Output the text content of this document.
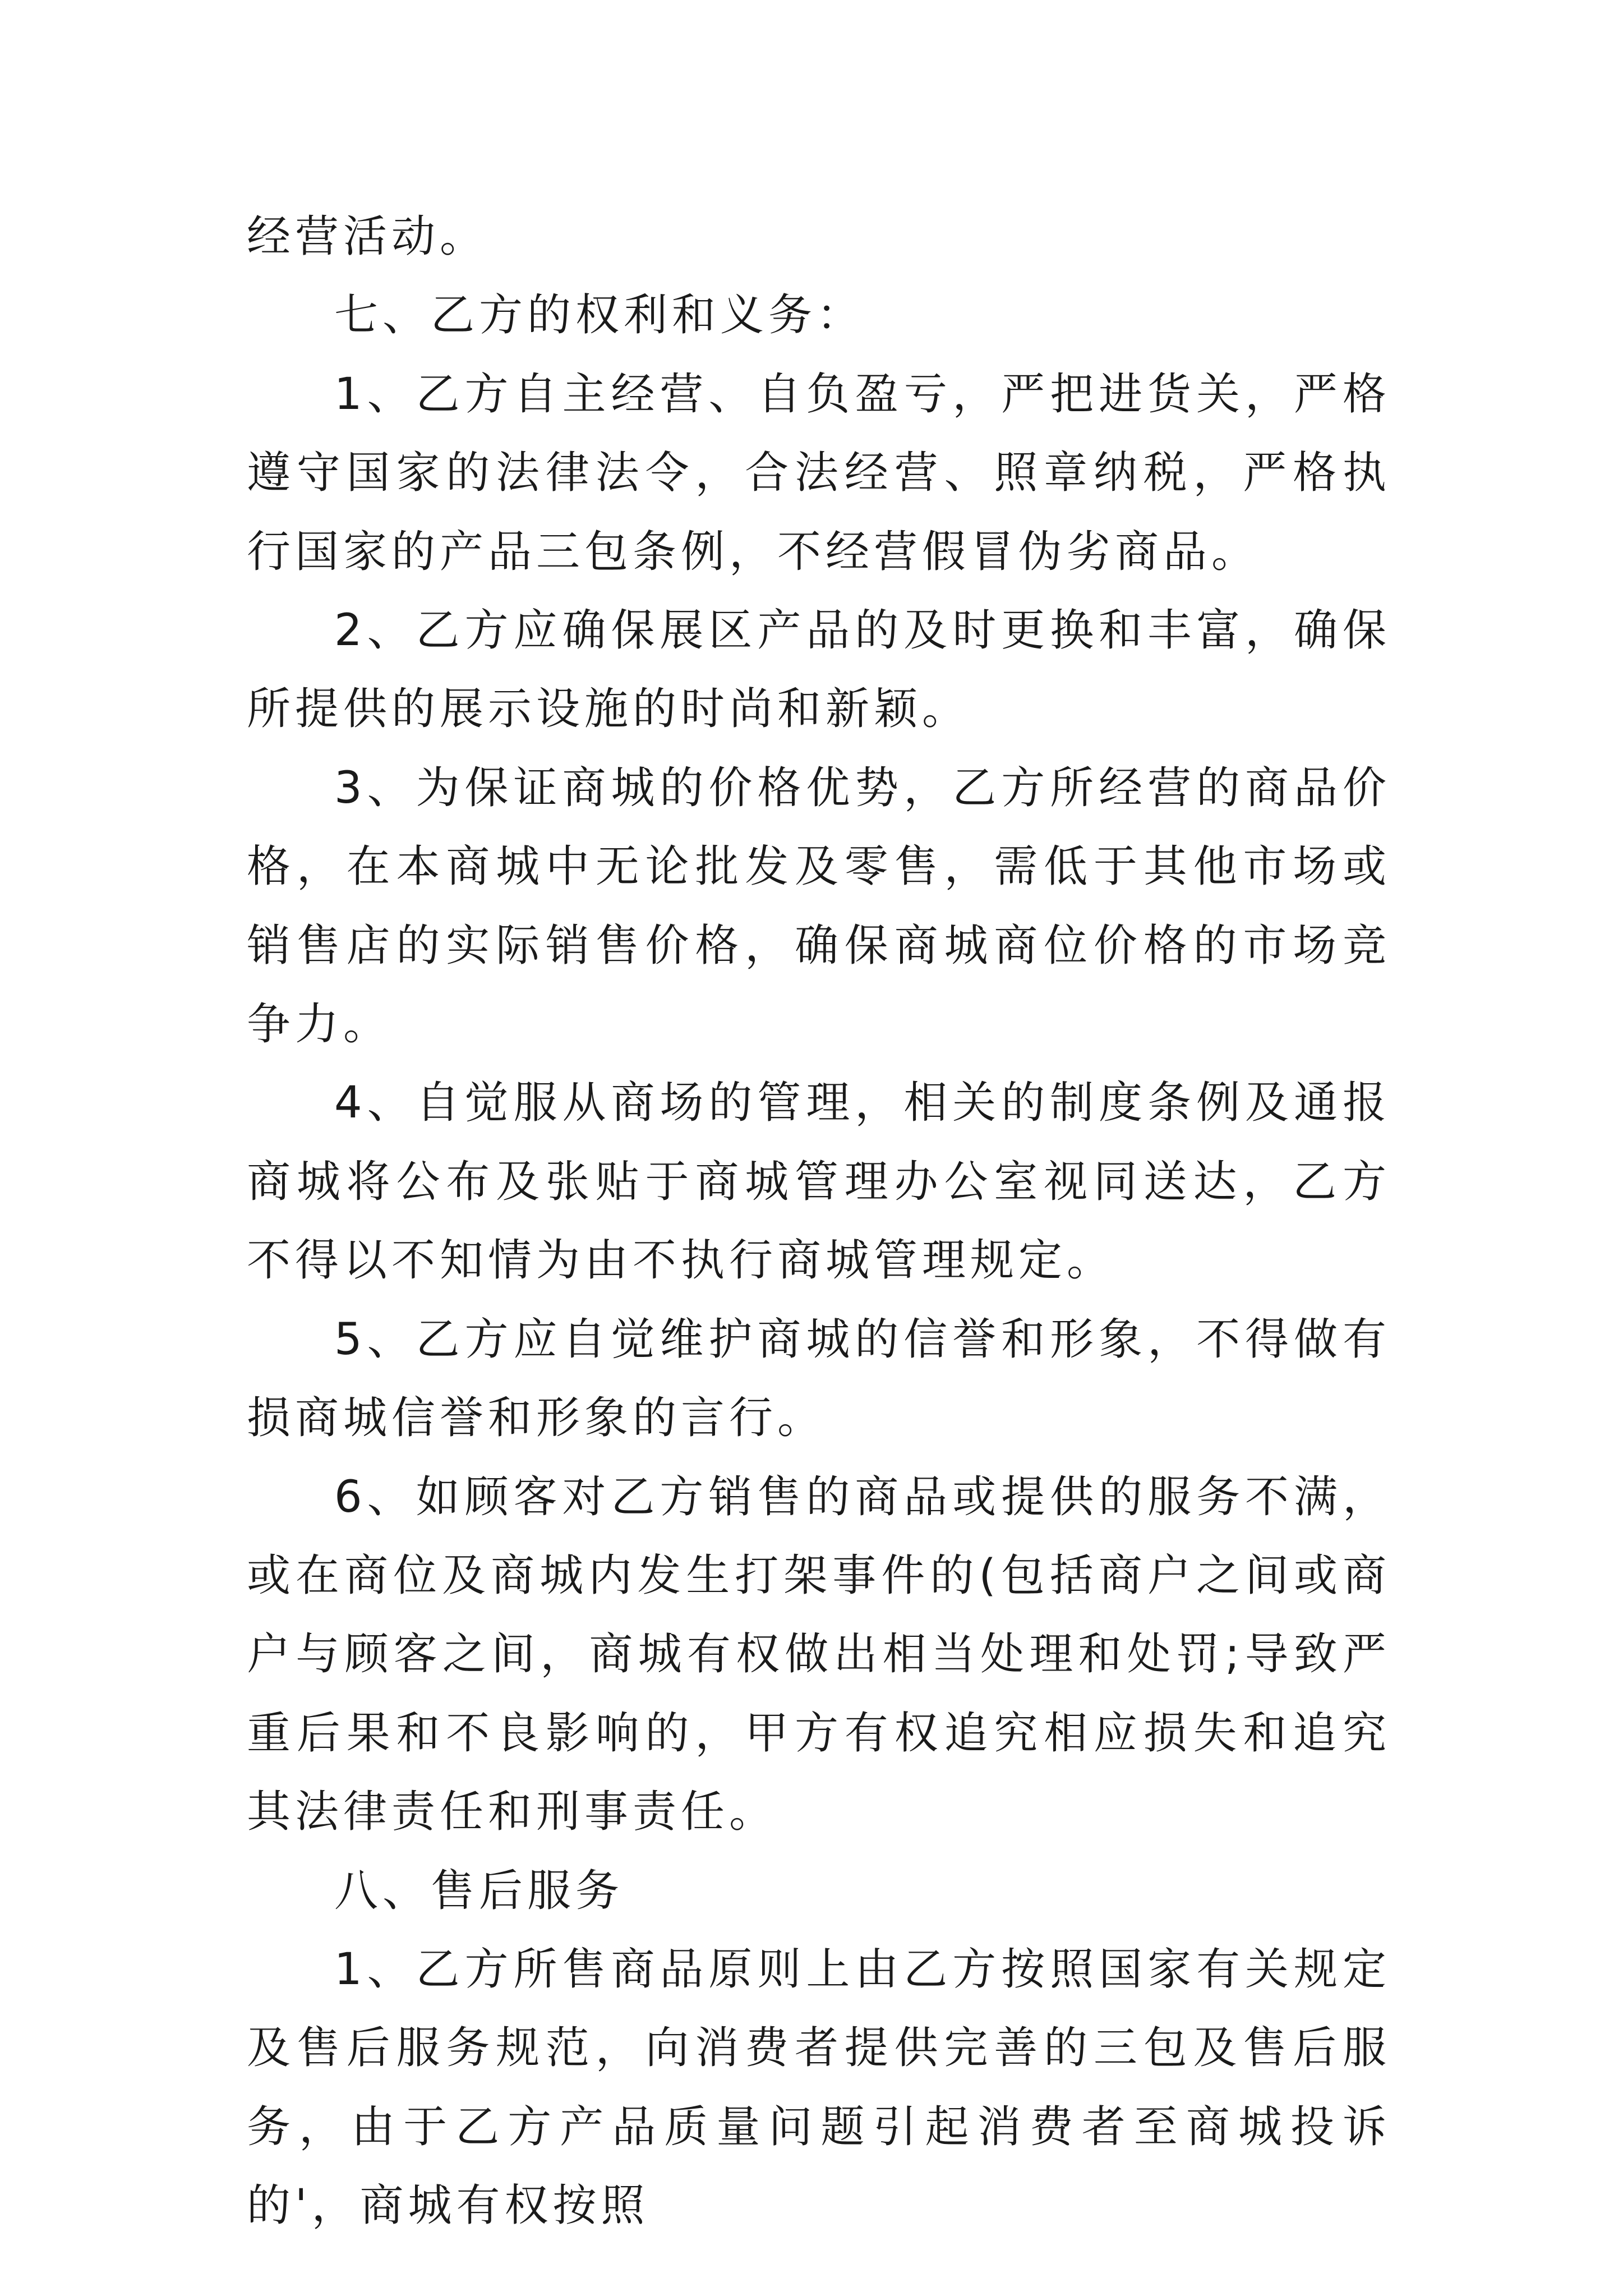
经营活动。

七、乙方的权利和义务：

1、乙方自主经营、自负盈亏，严把进货关，严格遵守国家的法律法令，合法经营、照章纳税，严格执行国家的产品三包条例，不经营假冒伪劣商品。

2、乙方应确保展区产品的及时更换和丰富，确保所提供的展示设施的时尚和新颖。

3、为保证商城的价格优势，乙方所经营的商品价格，在本商城中无论批发及零售，需低于其他市场或销售店的实际销售价格，确保商城商位价格的市场竞争力。

4、自觉服从商场的管理，相关的制度条例及通报商城将公布及张贴于商城管理办公室视同送达，乙方不得以不知情为由不执行商城管理规定。

5、乙方应自觉维护商城的信誉和形象，不得做有损商城信誉和形象的言行。

6、如顾客对乙方销售的商品或提供的服务不满，或在商位及商城内发生打架事件的(包括商户之间或商户与顾客之间，商城有权做出相当处理和处罚;导致严重后果和不良影响的，甲方有权追究相应损失和追究其法律责任和刑事责任。

八、售后服务

1、乙方所售商品原则上由乙方按照国家有关规定及售后服务规范，向消费者提供完善的三包及售后服务，由于乙方产品质量问题引起消费者至商城投诉的'，商城有权按照
